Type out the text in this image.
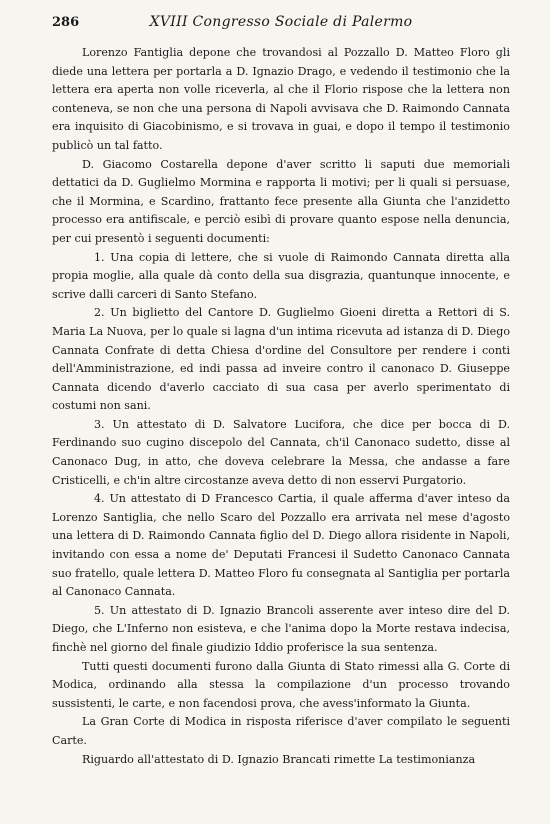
286	XVIII Congresso Sociale di Palermo

Lorenzo Fantiglia depone che trovandosi al Pozzallo D. Matteo Floro gli diede una lettera per portarla a D. Ignazio Drago, e vedendo il testimonio che la lettera era aperta non volle riceverla, al che il Florio rispose che la lettera non conteneva, se non che una persona di Napoli avvisava che D. Raimondo Cannata era inquisito di Giacobinismo, e si trovava in guai, e dopo il tempo il testimonio publicò un tal fatto.

D. Giacomo Costarella depone d'aver scritto li saputi due memoriali dettatici da D. Guglielmo Mormina e rapporta li motivi; per li quali si persuase, che il Mormina, e Scardino, frattanto fece presente alla Giunta che l'anzidetto processo era antifiscale, e perciò esibì di provare quanto espose nella denuncia, per cui presentò i seguenti documenti:

1. Una copia di lettere, che si vuole di Raimondo Cannata diretta alla propia moglie, alla quale dà conto della sua disgrazia, quantunque innocente, e scrive dalli carceri di Santo Stefano.

2. Un biglietto del Cantore D. Guglielmo Gioeni diretta a Rettori di S. Maria La Nuova, per lo quale si lagna d'un intima ricevuta ad istanza di D. Diego Cannata Confrate di detta Chiesa d'ordine del Consultore per rendere i conti dell'Amministrazione, ed indi passa ad inveire contro il canonaco D. Giuseppe Cannata dicendo d'averlo cacciato di sua casa per averlo sperimentato di costumi non sani.

3. Un attestato di D. Salvatore Lucifora, che dice per bocca di D. Ferdinando suo cugino discepolo del Cannata, ch'il Canonaco sudetto, disse al Canonaco Dug, in atto, che doveva celebrare la Messa, che andasse a fare Cristicelli, e ch'in altre circostanze aveva detto di non esservi Purgatorio.

4. Un attestato di D Francesco Cartia, il quale afferma d'aver inteso da Lorenzo Santiglia, che nello Scaro del Pozzallo era arrivata nel mese d'agosto una lettera di D. Raimondo Cannata figlio del D. Diego allora risidente in Napoli, invitando con essa a nome de' Deputati Francesi il Sudetto Canonaco Cannata suo fratello, quale lettera D. Matteo Floro fu consegnata al Santiglia per portarla al Canonaco Cannata.

5. Un attestato di D. Ignazio Brancoli asserente aver inteso dire del D. Diego, che L'Inferno non esisteva, e che l'anima dopo la Morte restava indecisa, finchè nel giorno del finale giudizio Iddio proferisce la sua sentenza.

Tutti questi documenti furono dalla Giunta di Stato rimessi alla G. Corte di Modica, ordinando alla stessa la compilazione d'un processo trovando sussistenti, le carte, e non facendosi prova, che avess'informato la Giunta.

La Gran Corte di Modica in risposta riferisce d'aver compilato le seguenti Carte.

Riguardo all'attestato di D. Ignazio Brancati rimette La testimonianza
